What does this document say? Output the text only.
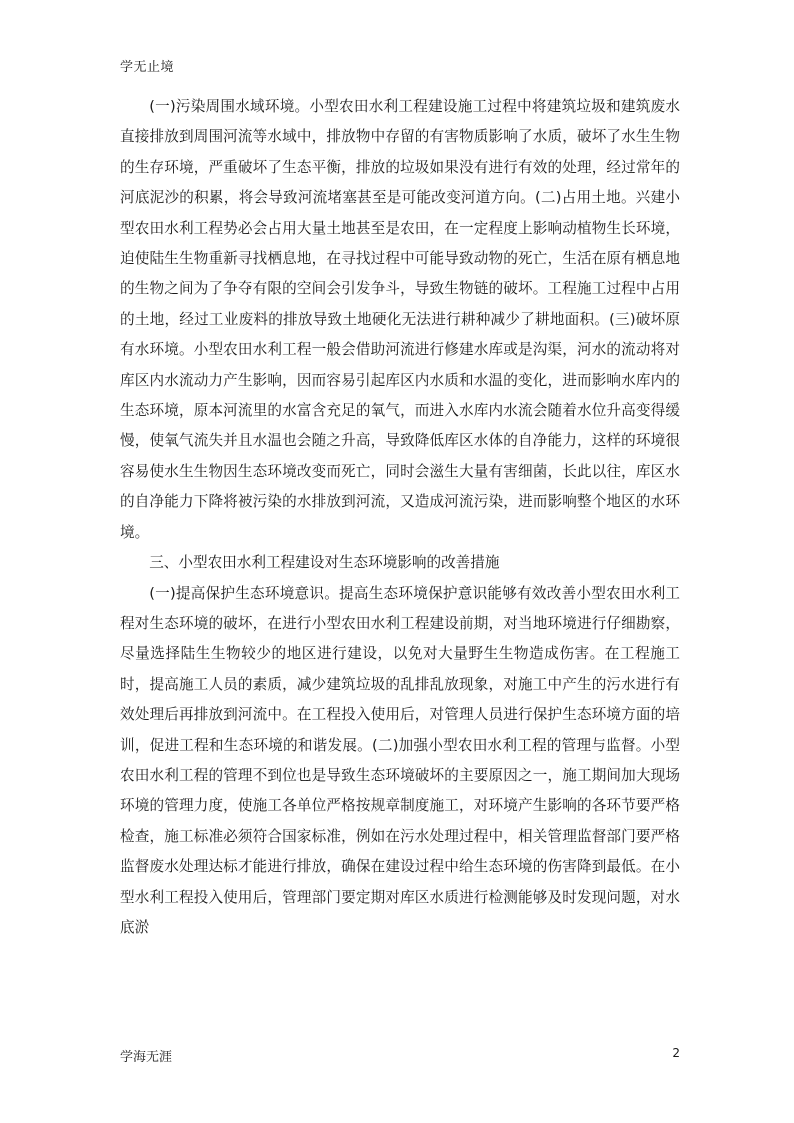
学无止境

(一)污染周围水域环境。小型农田水利工程建设施工过程中将建筑垃圾和建筑废水直接排放到周围河流等水域中，排放物中存留的有害物质影响了水质，破坏了水生生物的生存环境，严重破坏了生态平衡，排放的垃圾如果没有进行有效的处理，经过常年的河底泥沙的积累，将会导致河流堵塞甚至是可能改变河道方向。(二)占用土地。兴建小型农田水利工程势必会占用大量土地甚至是农田，在一定程度上影响动植物生长环境，迫使陆生生物重新寻找栖息地，在寻找过程中可能导致动物的死亡，生活在原有栖息地的生物之间为了争夺有限的空间会引发争斗，导致生物链的破坏。工程施工过程中占用的土地，经过工业废料的排放导致土地硬化无法进行耕种减少了耕地面积。(三)破坏原有水环境。小型农田水利工程一般会借助河流进行修建水库或是沟渠，河水的流动将对库区内水流动力产生影响，因而容易引起库区内水质和水温的变化，进而影响水库内的生态环境，原本河流里的水富含充足的氧气，而进入水库内水流会随着水位升高变得缓慢，使氧气流失并且水温也会随之升高，导致降低库区水体的自净能力，这样的环境很容易使水生生物因生态环境改变而死亡，同时会滋生大量有害细菌，长此以往，库区水的自净能力下降将被污染的水排放到河流，又造成河流污染，进而影响整个地区的水环境。

三、小型农田水利工程建设对生态环境影响的改善措施

(一)提高保护生态环境意识。提高生态环境保护意识能够有效改善小型农田水利工程对生态环境的破坏，在进行小型农田水利工程建设前期，对当地环境进行仔细勘察，尽量选择陆生生物较少的地区进行建设，以免对大量野生生物造成伤害。在工程施工时，提高施工人员的素质，减少建筑垃圾的乱排乱放现象，对施工中产生的污水进行有效处理后再排放到河流中。在工程投入使用后，对管理人员进行保护生态环境方面的培训，促进工程和生态环境的和谐发展。(二)加强小型农田水利工程的管理与监督。小型农田水利工程的管理不到位也是导致生态环境破坏的主要原因之一，施工期间加大现场环境的管理力度，使施工各单位严格按规章制度施工，对环境产生影响的各环节要严格检查，施工标准必须符合国家标准，例如在污水处理过程中，相关管理监督部门要严格监督废水处理达标才能进行排放，确保在建设过程中给生态环境的伤害降到最低。在小型水利工程投入使用后，管理部门要定期对库区水质进行检测能够及时发现问题，对水底淤

学海无涯	2
